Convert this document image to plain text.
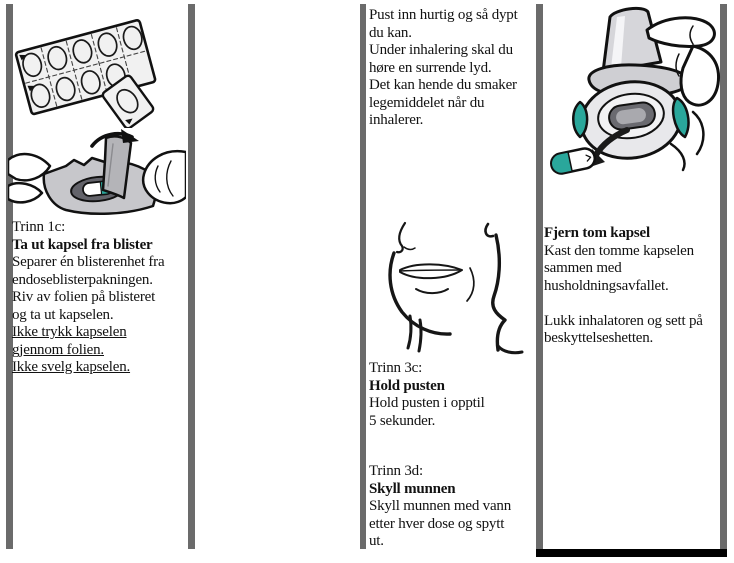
Trinn 1c:
Ta ut kapsel fra blister
Separer én blisterenhet fra
endoseblisterpakningen.
Riv av folien på blisteret
og ta ut kapselen.
Ikke trykk kapselen
gjennom folien.
Ikke svelg kapselen.
Pust inn hurtig og så dypt
du kan.
Under inhalering skal du
høre en surrende lyd.
Det kan hende du smaker
legemiddelet når du
inhalerer.
Trinn 3c:
Hold pusten
Hold pusten i opptil
5 sekunder.
Trinn 3d:
Skyll munnen
Skyll munnen med vann
etter hver dose og spytt
ut.
Fjern tom kapsel
Kast den tomme kapselen
sammen med
husholdningsavfallet.
Lukk inhalatoren og sett på
beskyttelseshetten.
